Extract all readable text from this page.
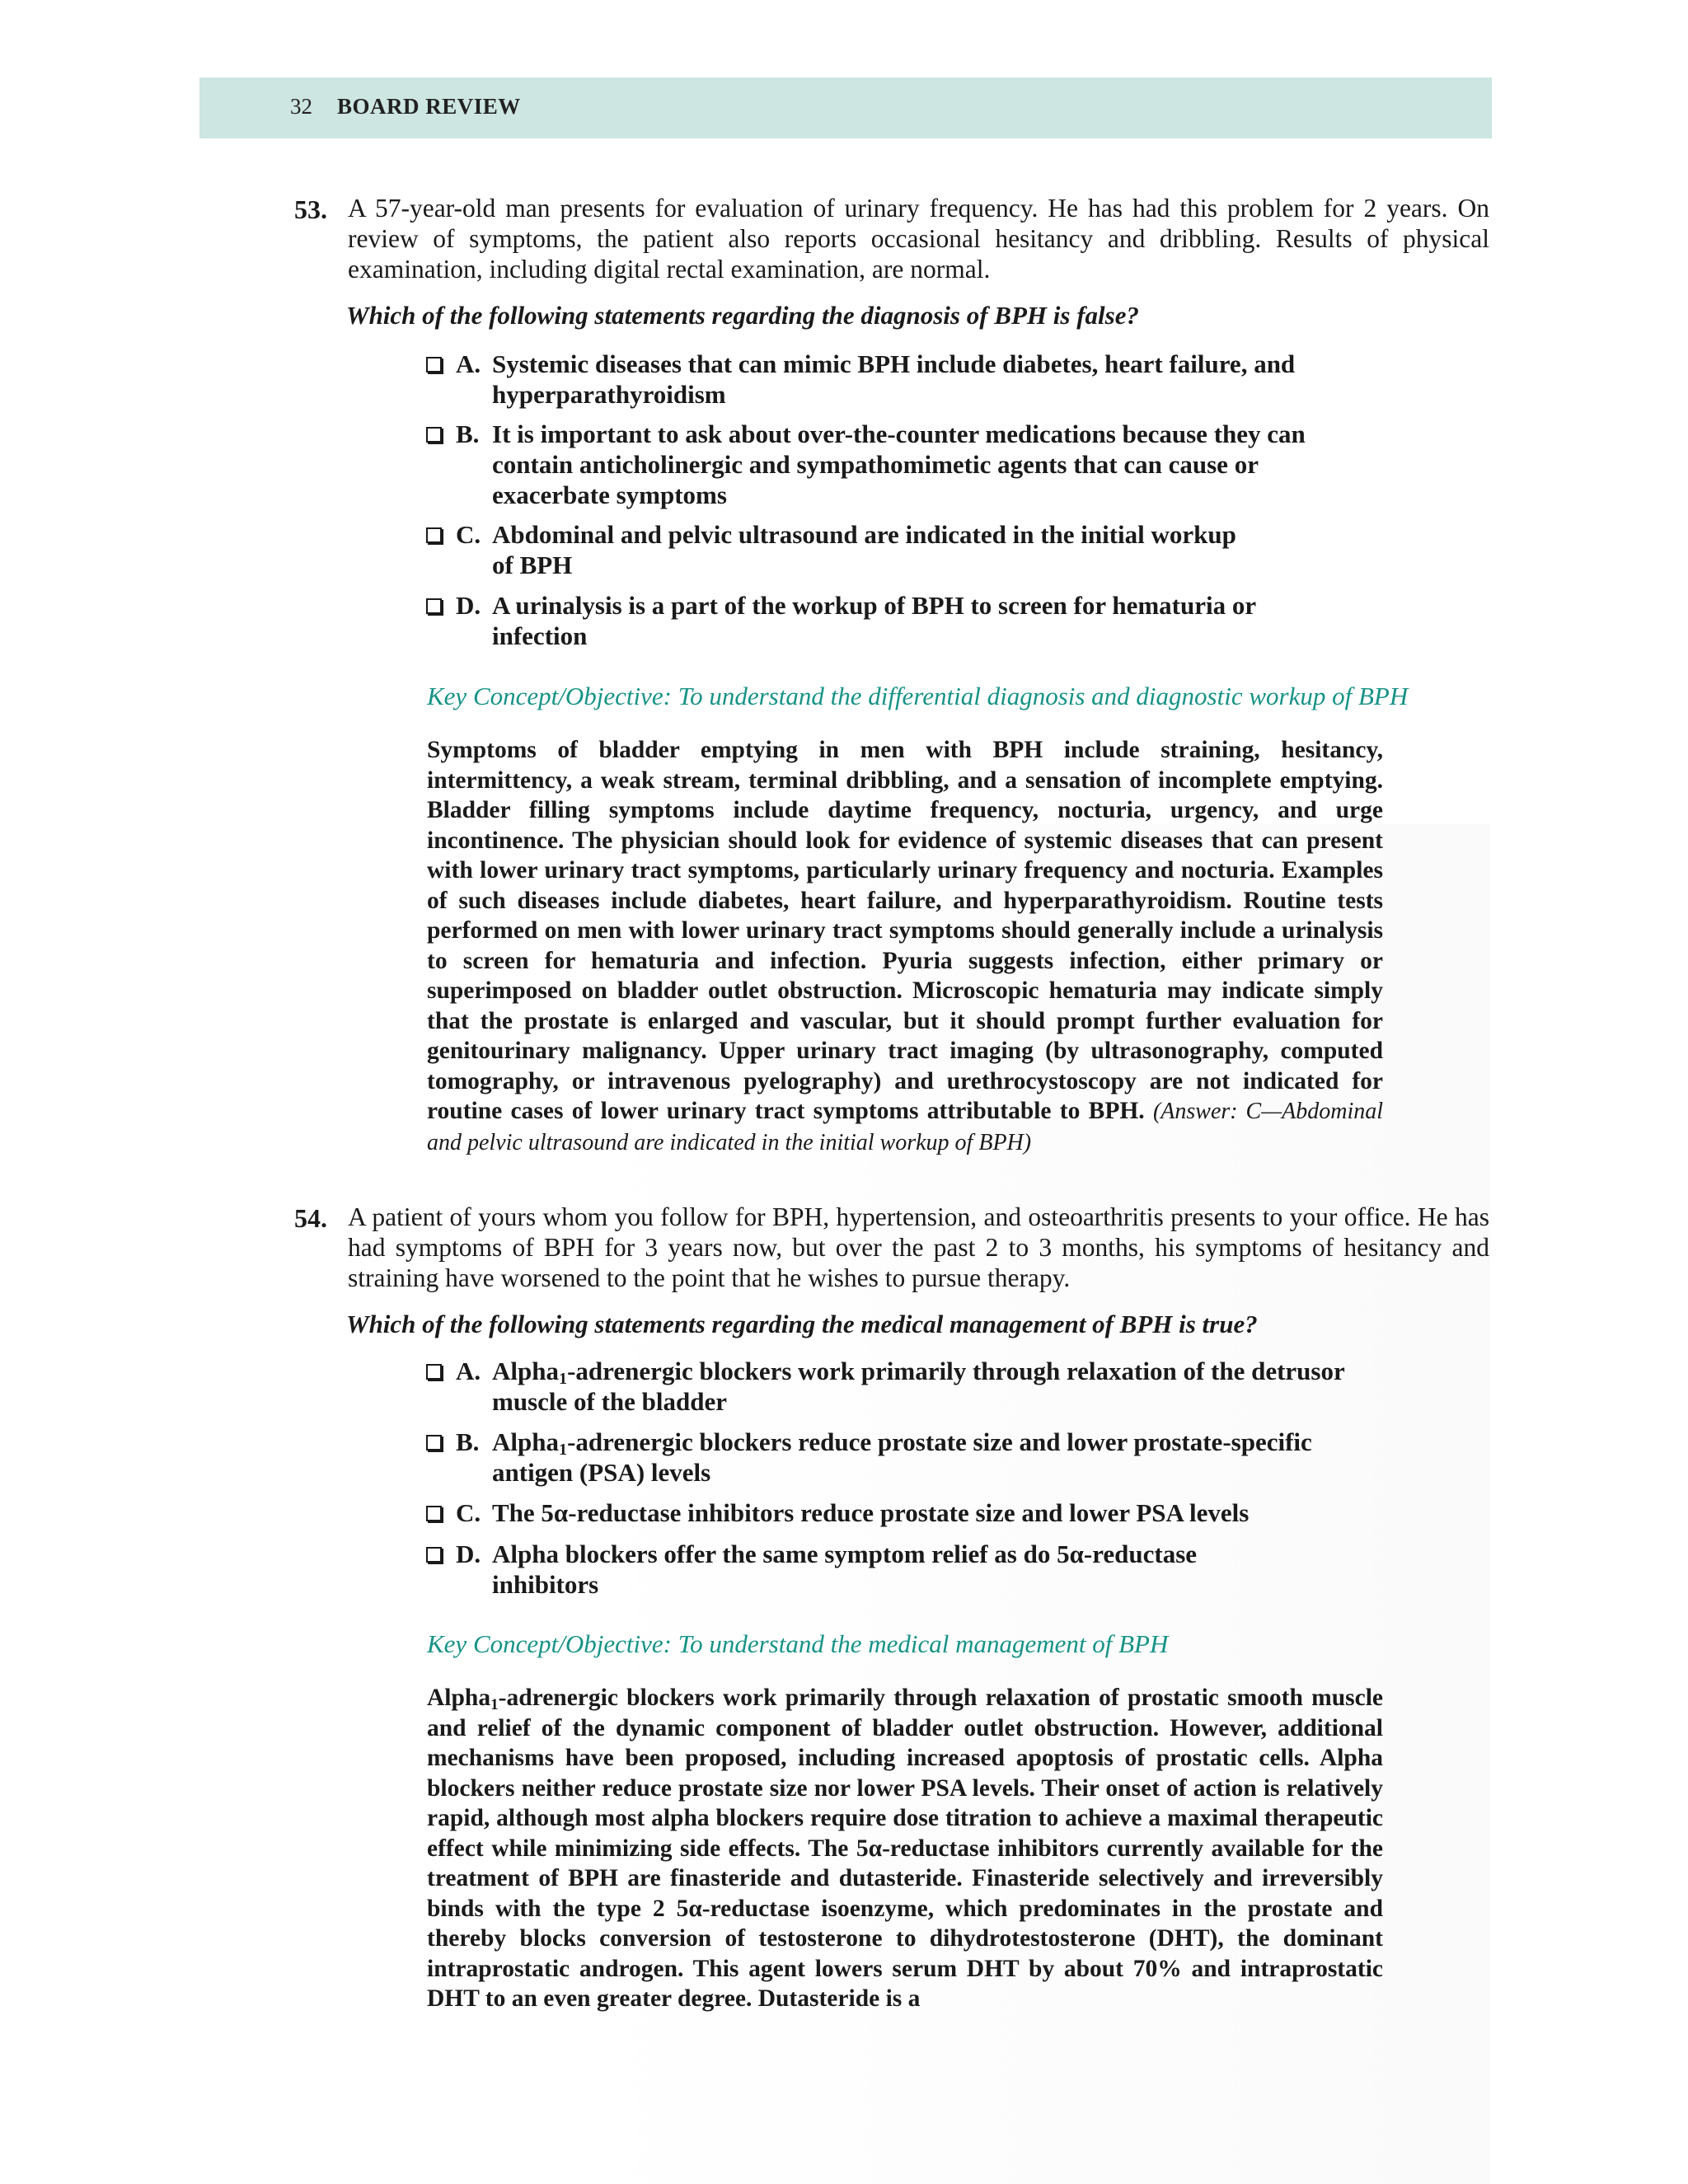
32 BOARD REVIEW
53. A 57-year-old man presents for evaluation of urinary frequency. He has had this problem for 2 years. On review of symptoms, the patient also reports occasional hesitancy and dribbling. Results of physical examination, including digital rectal examination, are normal.
Which of the following statements regarding the diagnosis of BPH is false?
A. Systemic diseases that can mimic BPH include diabetes, heart failure, and hyperparathyroidism
B. It is important to ask about over-the-counter medications because they can contain anticholinergic and sympathomimetic agents that can cause or exacerbate symptoms
C. Abdominal and pelvic ultrasound are indicated in the initial workup of BPH
D. A urinalysis is a part of the workup of BPH to screen for hematuria or infection
Key Concept/Objective: To understand the differential diagnosis and diagnostic workup of BPH
Symptoms of bladder emptying in men with BPH include straining, hesitancy, intermittency, a weak stream, terminal dribbling, and a sensation of incomplete emptying. Bladder filling symptoms include daytime frequency, nocturia, urgency, and urge incontinence. The physician should look for evidence of systemic diseases that can present with lower urinary tract symptoms, particularly urinary frequency and nocturia. Examples of such diseases include diabetes, heart failure, and hyperparathyroidism. Routine tests performed on men with lower urinary tract symptoms should generally include a urinalysis to screen for hematuria and infection. Pyuria suggests infection, either primary or superimposed on bladder outlet obstruction. Microscopic hematuria may indicate simply that the prostate is enlarged and vascular, but it should prompt further evaluation for genitourinary malignancy. Upper urinary tract imaging (by ultrasonography, computed tomography, or intravenous pyelography) and urethrocystoscopy are not indicated for routine cases of lower urinary tract symptoms attributable to BPH. (Answer: C—Abdominal and pelvic ultrasound are indicated in the initial workup of BPH)
54. A patient of yours whom you follow for BPH, hypertension, and osteoarthritis presents to your office. He has had symptoms of BPH for 3 years now, but over the past 2 to 3 months, his symptoms of hesitancy and straining have worsened to the point that he wishes to pursue therapy.
Which of the following statements regarding the medical management of BPH is true?
A. Alpha$_1$-adrenergic blockers work primarily through relaxation of the detrusor muscle of the bladder
B. Alpha$_1$-adrenergic blockers reduce prostate size and lower prostate-specific antigen (PSA) levels
C. The 5α-reductase inhibitors reduce prostate size and lower PSA levels
D. Alpha blockers offer the same symptom relief as do 5α-reductase inhibitors
Key Concept/Objective: To understand the medical management of BPH
Alpha$_1$-adrenergic blockers work primarily through relaxation of prostatic smooth muscle and relief of the dynamic component of bladder outlet obstruction. However, additional mechanisms have been proposed, including increased apoptosis of prostatic cells. Alpha blockers neither reduce prostate size nor lower PSA levels. Their onset of action is relatively rapid, although most alpha blockers require dose titration to achieve a maximal therapeutic effect while minimizing side effects. The 5α-reductase inhibitors currently available for the treatment of BPH are finasteride and dutasteride. Finasteride selectively and irreversibly binds with the type 2 5α-reductase isoenzyme, which predominates in the prostate and thereby blocks conversion of testosterone to dihydrotestosterone (DHT), the dominant intraprostatic androgen. This agent lowers serum DHT by about 70% and intraprostatic DHT to an even greater degree. Dutasteride is a
